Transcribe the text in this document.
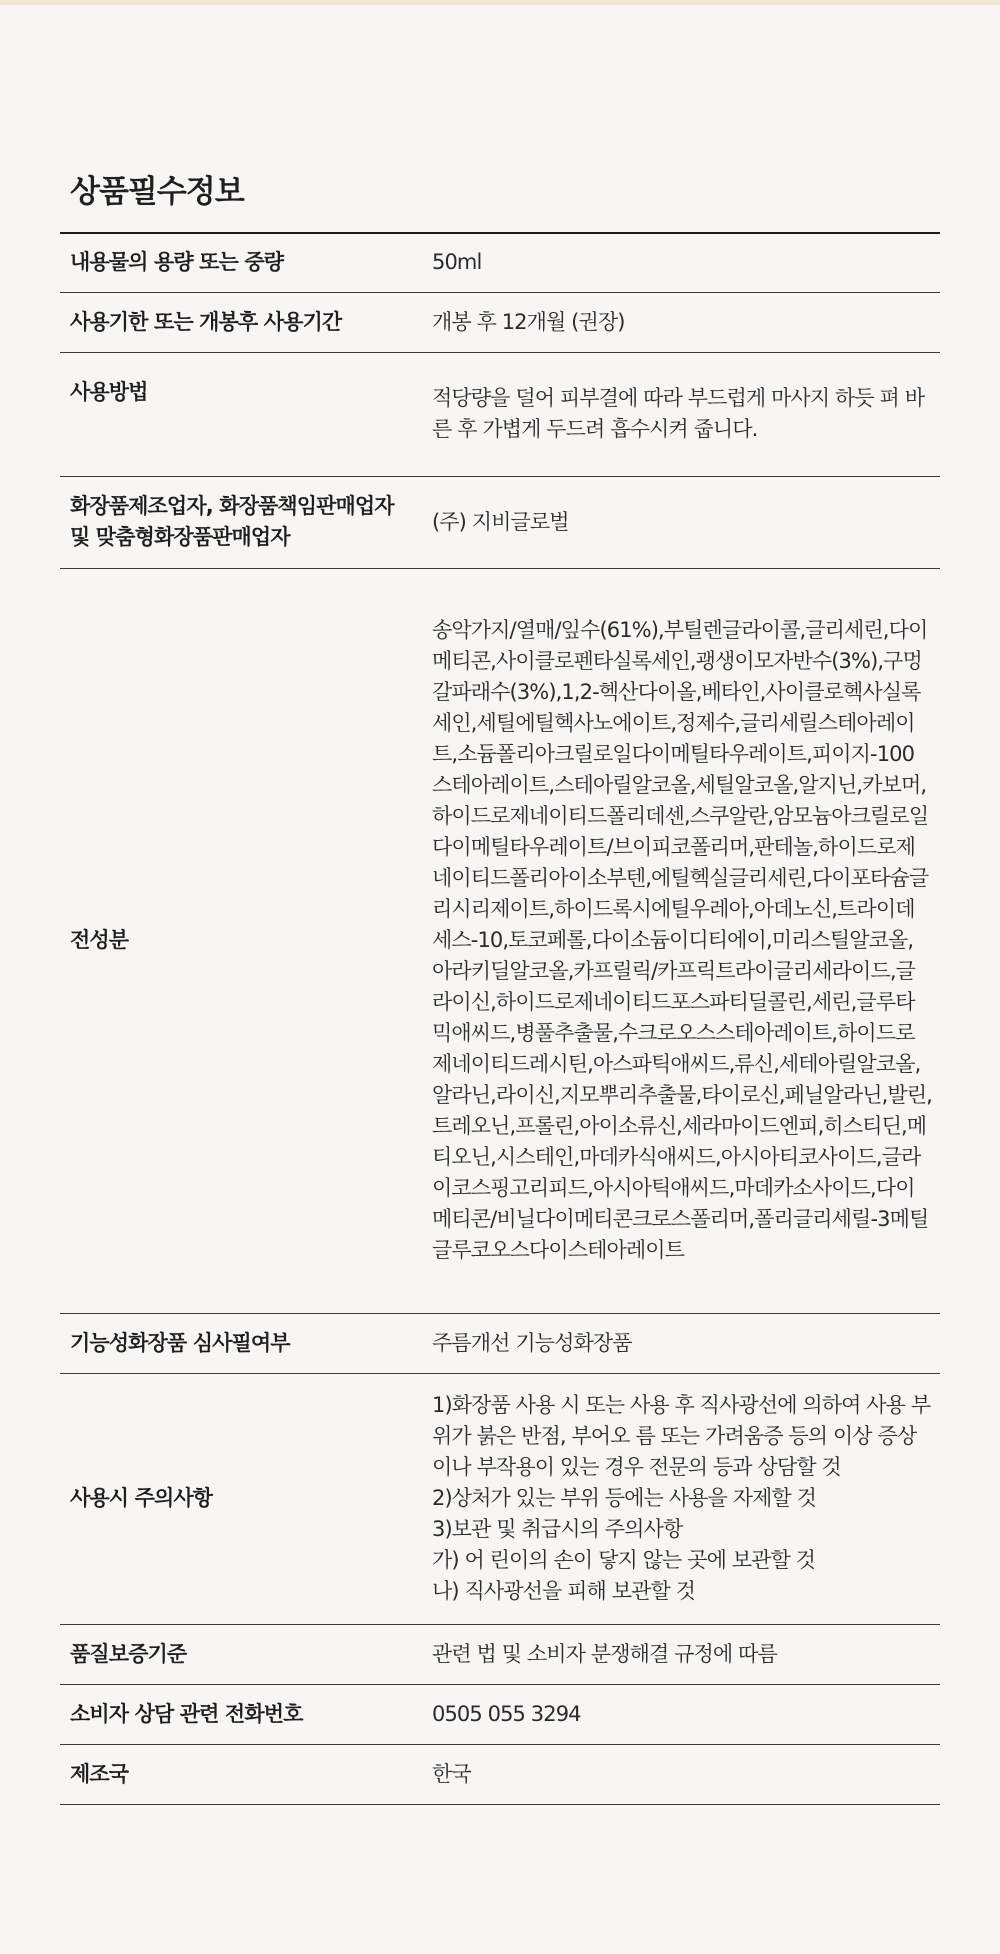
상품필수정보
내용물의 용량 또는 중량	50ml
사용기한 또는 개봉후 사용기간	개봉 후 12개월 (권장)
사용방법	적당량을 덜어 피부결에 따라 부드럽게 마사지 하듯 펴 바른 후 가볍게 두드려 흡수시켜 줍니다.

화장품제조업자, 화장품책임판매업자 및 맞춤형화장품판매업자	(주) 지비글로벌
전성분	송악가지/열매/잎수(61%),부틸렌글라이콜,글리세린,다이메티콘,사이클로펜타실록세인,괭생이모자반수(3%),구멍갈파래수(3%),1,2-헥산다이올,베타인,사이클로헥사실록세인,세틸에틸헥사노에이트,정제수,글리세릴스테아레이트,소듐폴리아크릴로일다이메틸타우레이트,피이지-100스테아레이트,스테아릴알코올,세틸알코올,알지닌,카보머,하이드로제네이티드폴리데센,스쿠알란,암모늄아크릴로일다이메틸타우레이트/브이피코폴리머,판테놀,하이드로제네이티드폴리아이소부텐,에틸헥실글리세린,다이포타슘글리시리제이트,하이드록시에틸우레아,아데노신,트라이데세스-10,토코페롤,다이소듐이디티에이,미리스틸알코올,아라키딜알코올,카프릴릭/카프릭트라이글리세라이드,글라이신,하이드로제네이티드포스파티딜콜린,세린,글루타믹애씨드,병풀추출물,수크로오스스테아레이트,하이드로제네이티드레시틴,아스파틱애씨드,류신,세테아릴알코올,알라닌,라이신,지모뿌리추출물,타이로신,페닐알라닌,발린,트레오닌,프롤린,아이소류신,세라마이드엔피,히스티딘,메티오닌,시스테인,마데카식애씨드,아시아티코사이드,글라이코스핑고리피드,아시아틱애씨드,마데카소사이드,다이메티콘/비닐다이메티콘크로스폴리머,폴리글리세릴-3메틸글루코오스다이스테아레이트
기능성화장품 심사필여부	주름개선 기능성화장품
사용시 주의사항	1)화장품 사용 시 또는 사용 후 직사광선에 의하여 사용 부위가 붉은 반점, 부어오 름 또는 가려움증 등의 이상 증상이나 부작용이 있는 경우 전문의 등과 상담할 것
2)상처가 있는 부위 등에는 사용을 자제할 것
3)보관 및 취급시의 주의사항
가) 어 린이의 손이 닿지 않는 곳에 보관할 것
나) 직사광선을 피해 보관할 것
품질보증기준	관련 법 및 소비자 분쟁해결 규정에 따름
소비자 상담 관련 전화번호	0505 055 3294
제조국	한국
